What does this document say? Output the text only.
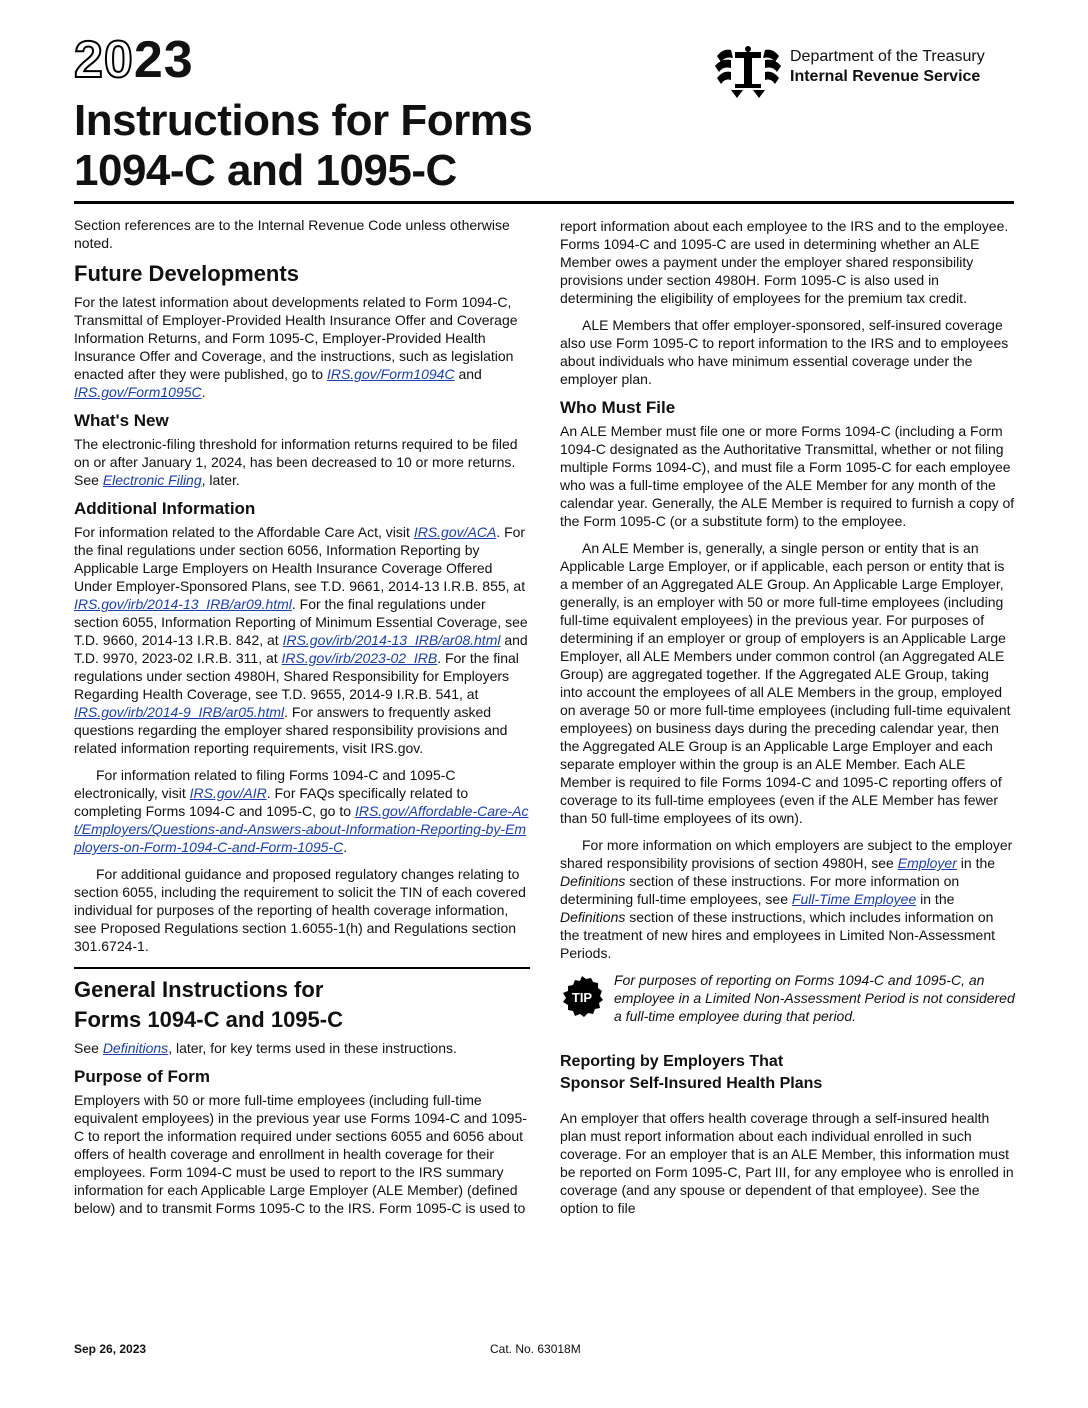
2023
Instructions for Forms
1094-C and 1095-C
Department of the Treasury
Internal Revenue Service

Section references are to the Internal Revenue Code unless otherwise noted.

Future Developments

For the latest information about developments related to Form 1094-C, Transmittal of Employer-Provided Health Insurance Offer and Coverage Information Returns, and Form 1095-C, Employer-Provided Health Insurance Offer and Coverage, and the instructions, such as legislation enacted after they were published, go to IRS.gov/Form1094C and IRS.gov/Form1095C.

What's New

The electronic-filing threshold for information returns required to be filed on or after January 1, 2024, has been decreased to 10 or more returns. See Electronic Filing, later.

Additional Information

For information related to the Affordable Care Act, visit IRS.gov/ACA. For the final regulations under section 6056, Information Reporting by Applicable Large Employers on Health Insurance Coverage Offered Under Employer-Sponsored Plans, see T.D. 9661, 2014-13 I.R.B. 855, at IRS.gov/irb/2014-13_IRB/ar09.html. For the final regulations under section 6055, Information Reporting of Minimum Essential Coverage, see T.D. 9660, 2014-13 I.R.B. 842, at IRS.gov/irb/2014-13_IRB/ar08.html and T.D. 9970, 2023-02 I.R.B. 311, at IRS.gov/irb/2023-02_IRB. For the final regulations under section 4980H, Shared Responsibility for Employers Regarding Health Coverage, see T.D. 9655, 2014-9 I.R.B. 541, at IRS.gov/irb/2014-9_IRB/ar05.html. For answers to frequently asked questions regarding the employer shared responsibility provisions and related information reporting requirements, visit IRS.gov.

For information related to filing Forms 1094-C and 1095-C electronically, visit IRS.gov/AIR. For FAQs specifically related to completing Forms 1094-C and 1095-C, go to IRS.gov/Affordable-Care-Act/Employers/Questions-and-Answers-about-Information-Reporting-by-Employers-on-Form-1094-C-and-Form-1095-C.

For additional guidance and proposed regulatory changes relating to section 6055, including the requirement to solicit the TIN of each covered individual for purposes of the reporting of health coverage information, see Proposed Regulations section 1.6055-1(h) and Regulations section 301.6724-1.

General Instructions for
Forms 1094-C and 1095-C

See Definitions, later, for key terms used in these instructions.

Purpose of Form

Employers with 50 or more full-time employees (including full-time equivalent employees) in the previous year use Forms 1094-C and 1095-C to report the information required under sections 6055 and 6056 about offers of health coverage and enrollment in health coverage for their employees. Form 1094-C must be used to report to the IRS summary information for each Applicable Large Employer (ALE Member) (defined below) and to transmit Forms 1095-C to the IRS. Form 1095-C is used to

report information about each employee to the IRS and to the employee. Forms 1094-C and 1095-C are used in determining whether an ALE Member owes a payment under the employer shared responsibility provisions under section 4980H. Form 1095-C is also used in determining the eligibility of employees for the premium tax credit.

ALE Members that offer employer-sponsored, self-insured coverage also use Form 1095-C to report information to the IRS and to employees about individuals who have minimum essential coverage under the employer plan.

Who Must File

An ALE Member must file one or more Forms 1094-C (including a Form 1094-C designated as the Authoritative Transmittal, whether or not filing multiple Forms 1094-C), and must file a Form 1095-C for each employee who was a full-time employee of the ALE Member for any month of the calendar year. Generally, the ALE Member is required to furnish a copy of the Form 1095-C (or a substitute form) to the employee.

An ALE Member is, generally, a single person or entity that is an Applicable Large Employer, or if applicable, each person or entity that is a member of an Aggregated ALE Group. An Applicable Large Employer, generally, is an employer with 50 or more full-time employees (including full-time equivalent employees) in the previous year. For purposes of determining if an employer or group of employers is an Applicable Large Employer, all ALE Members under common control (an Aggregated ALE Group) are aggregated together. If the Aggregated ALE Group, taking into account the employees of all ALE Members in the group, employed on average 50 or more full-time employees (including full-time equivalent employees) on business days during the preceding calendar year, then the Aggregated ALE Group is an Applicable Large Employer and each separate employer within the group is an ALE Member. Each ALE Member is required to file Forms 1094-C and 1095-C reporting offers of coverage to its full-time employees (even if the ALE Member has fewer than 50 full-time employees of its own).

For more information on which employers are subject to the employer shared responsibility provisions of section 4980H, see Employer in the Definitions section of these instructions. For more information on determining full-time employees, see Full-Time Employee in the Definitions section of these instructions, which includes information on the treatment of new hires and employees in Limited Non-Assessment Periods.

TIP
For purposes of reporting on Forms 1094-C and 1095-C, an employee in a Limited Non-Assessment Period is not considered a full-time employee during that period.
Reporting by Employers That
Sponsor Self-Insured Health Plans

An employer that offers health coverage through a self-insured health plan must report information about each individual enrolled in such coverage. For an employer that is an ALE Member, this information must be reported on Form 1095-C, Part III, for any employee who is enrolled in coverage (and any spouse or dependent of that employee). See the option to file

Sep 26, 2023	Cat. No. 63018M
